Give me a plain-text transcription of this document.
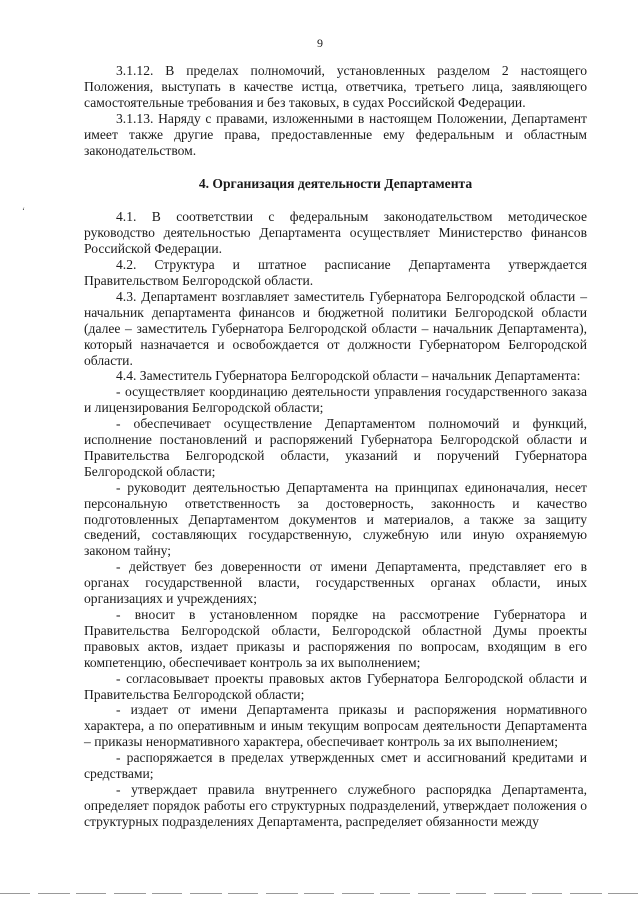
9

3.1.12. В пределах полномочий, установленных разделом 2 настоящего Положения, выступать в качестве истца, ответчика, третьего лица, заявляющего самостоятельные требования и без таковых, в судах Российской Федерации.

3.1.13. Наряду с правами, изложенными в настоящем Положении, Департамент имеет также другие права, предоставленные ему федеральным и областным законодательством.

4. Организация деятельности Департамента

4.1. В соответствии с федеральным законодательством методическое руководство деятельностью Департамента осуществляет Министерство финансов Российской Федерации.

4.2. Структура и штатное расписание Департамента утверждается Правительством Белгородской области.

4.3. Департамент возглавляет заместитель Губернатора Белгородской области – начальник департамента финансов и бюджетной политики Белгородской области (далее – заместитель Губернатора Белгородской области – начальник Департамента), который назначается и освобождается от должности Губернатором Белгородской области.

4.4. Заместитель Губернатора Белгородской области – начальник Департамента:

- осуществляет координацию деятельности управления государственного заказа и лицензирования Белгородской области;

- обеспечивает осуществление Департаментом полномочий и функций, исполнение постановлений и распоряжений Губернатора Белгородской области и Правительства Белгородской области, указаний и поручений Губернатора Белгородской области;

- руководит деятельностью Департамента на принципах единоначалия, несет персональную ответственность за достоверность, законность и качество подготовленных Департаментом документов и материалов, а также за защиту сведений, составляющих государственную, служебную или иную охраняемую законом тайну;

- действует без доверенности от имени Департамента, представляет его в органах государственной власти, государственных органах области, иных организациях и учреждениях;

- вносит в установленном порядке на рассмотрение Губернатора и Правительства Белгородской области, Белгородской областной Думы проекты правовых актов, издает приказы и распоряжения по вопросам, входящим в его компетенцию, обеспечивает контроль за их выполнением;

- согласовывает проекты правовых актов Губернатора Белгородской области и Правительства Белгородской области;

- издает от имени Департамента приказы и распоряжения нормативного характера, а по оперативным и иным текущим вопросам деятельности Департамента – приказы ненормативного характера, обеспечивает контроль за их выполнением;

- распоряжается в пределах утвержденных смет и ассигнований кредитами и средствами;

- утверждает правила внутреннего служебного распорядка Департамента, определяет порядок работы его структурных подразделений, утверждает положения о структурных подразделениях Департамента, распределяет обязанности между

‘
